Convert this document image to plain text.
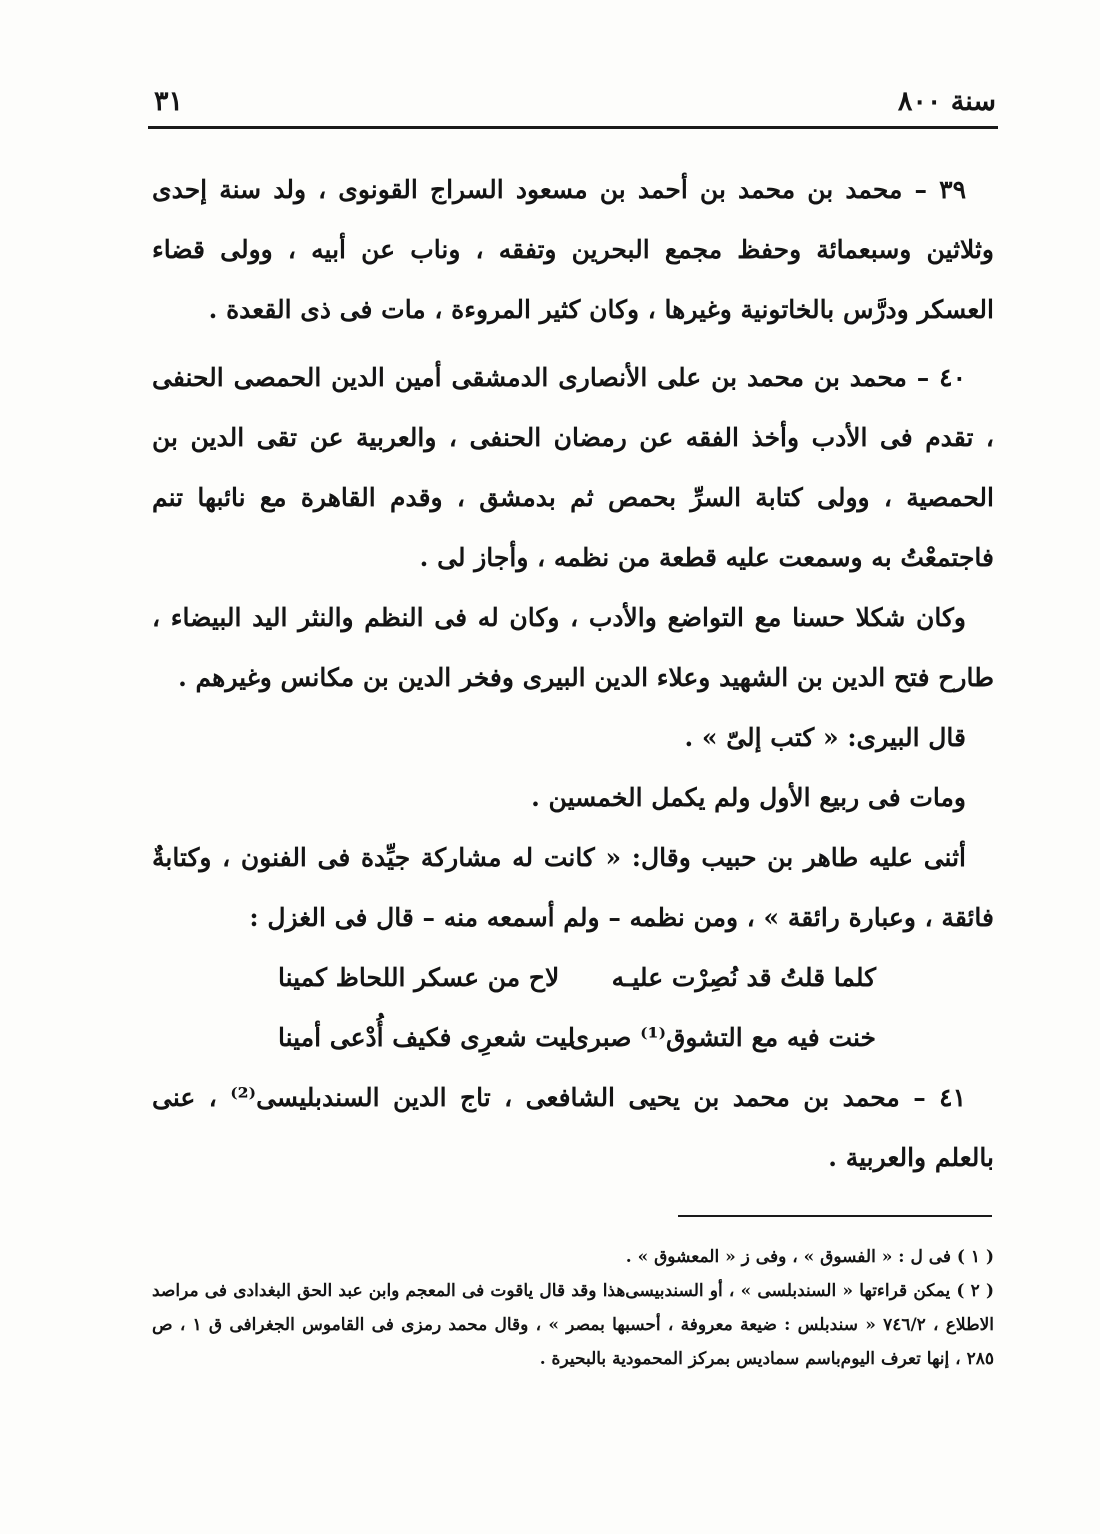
سنة ٨٠٠
٣١

٣٩ – محمد بن محمد بن أحمد بن مسعود السراج القونوى ، ولد سنة إحدى وثلاثين وسبعمائة وحفظ مجمع البحرين وتفقه ، وناب عن أبيه ، وولى قضاء العسكر ودرَّس بالخاتونية وغيرها ، وكان كثير المروءة ، مات فى ذى القعدة .

٤٠ – محمد بن محمد بن على الأنصارى الدمشقى أمين الدين الحمصى الحنفى ، تقدم فى الأدب وأخذ الفقه عن رمضان الحنفى ، والعربية عن تقى الدين بن الحمصية ، وولى كتابة السرِّ بحمص ثم بدمشق ، وقدم القاهرة مع نائبها تنم فاجتمعْتُ به وسمعت عليه قطعة من نظمه ، وأجاز لى .

وكان شكلا حسنا مع التواضع والأدب ، وكان له فى النظم والنثر اليد البيضاء ، طارح فتح الدين بن الشهيد وعلاء الدين البيرى وفخر الدين بن مكانس وغيرهم .

قال البيرى: « كتب إلىّ » .

ومات فى ربيع الأول ولم يكمل الخمسين .

أثنى عليه طاهر بن حبيب وقال: « كانت له مشاركة جيِّدة فى الفنون ، وكتابةٌ فائقة ، وعبارة رائقة » ، ومن نظمه – ولم أسمعه منه – قال فى الغزل :

كلما قلتُ قد نُصِرْت عليـه
لاح من عسكر اللحاظ كمينا
خنت فيه مع التشوق⁽¹⁾ صبرى
ليت شعرِى فكيف أُدْعى أمينا

٤١ – محمد بن محمد بن يحيى الشافعى ، تاج الدين السندبليسى⁽²⁾ ، عنى بالعلم والعربية .

( ١ ) فى ل : « الفسوق » ، وفى ز « المعشوق » .

( ٢ ) يمكن قراءتها « السندبلسى » ، أو السندبيسى‌هذا وقد قال ياقوت فى المعجم وابن عبد الحق البغدادى فى مراصد الاطلاع ، ٧٤٦/٢ « سندبلس : ضيعة معروفة ، أحسبها بمصر » ، وقال محمد رمزى فى القاموس الجغرافى ق ١ ، ص ٢٨٥ ، إنها تعرف اليوم‌باسم سماديس بمركز المحمودية بالبحيرة .
